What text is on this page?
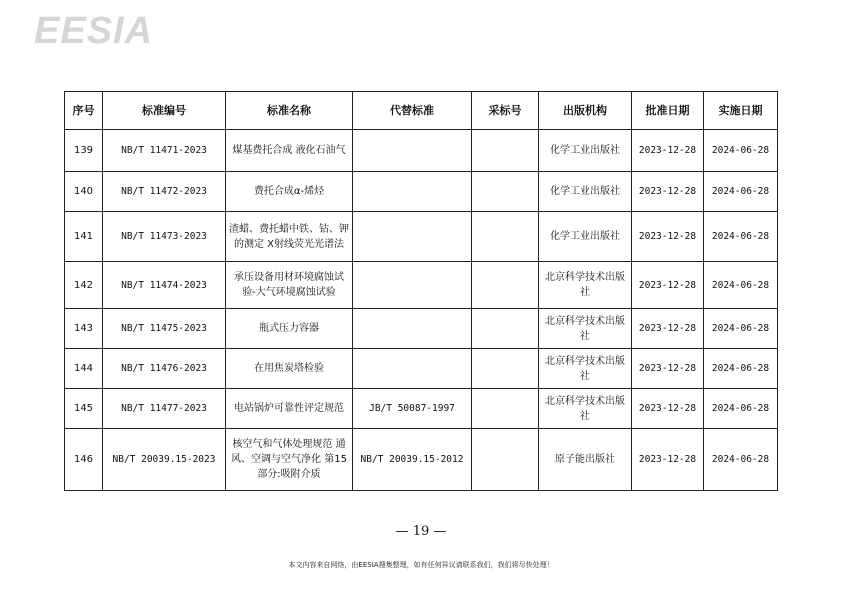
EESIA
序号	标准编号	标准名称	代替标准	采标号	出版机构	批准日期	实施日期
139	NB/T 11471-2023	煤基费托合成 液化石油气			化学工业出版社	2023-12-28	2024-06-28
140	NB/T 11472-2023	费托合成α-烯烃			化学工业出版社	2023-12-28	2024-06-28
141	NB/T 11473-2023	渣蜡、费托蜡中铁、钴、钾的测定 X射线荧光光谱法			化学工业出版社	2023-12-28	2024-06-28
142	NB/T 11474-2023	承压设备用材环境腐蚀试验-大气环境腐蚀试验			北京科学技术出版社	2023-12-28	2024-06-28
143	NB/T 11475-2023	瓶式压力容器			北京科学技术出版社	2023-12-28	2024-06-28
144	NB/T 11476-2023	在用焦炭塔检验			北京科学技术出版社	2023-12-28	2024-06-28
145	NB/T 11477-2023	电站锅炉可靠性评定规范	JB/T 50087-1997		北京科学技术出版社	2023-12-28	2024-06-28
146	NB/T 20039.15-2023	核空气和气体处理规范 通风、空调与空气净化 第15部分:吸附介质	NB/T 20039.15-2012		原子能出版社	2023-12-28	2024-06-28
— 19 —
本文内容来自网络，由EESIA搜集整理，如有任何异议请联系我们，我们将尽快处理！
